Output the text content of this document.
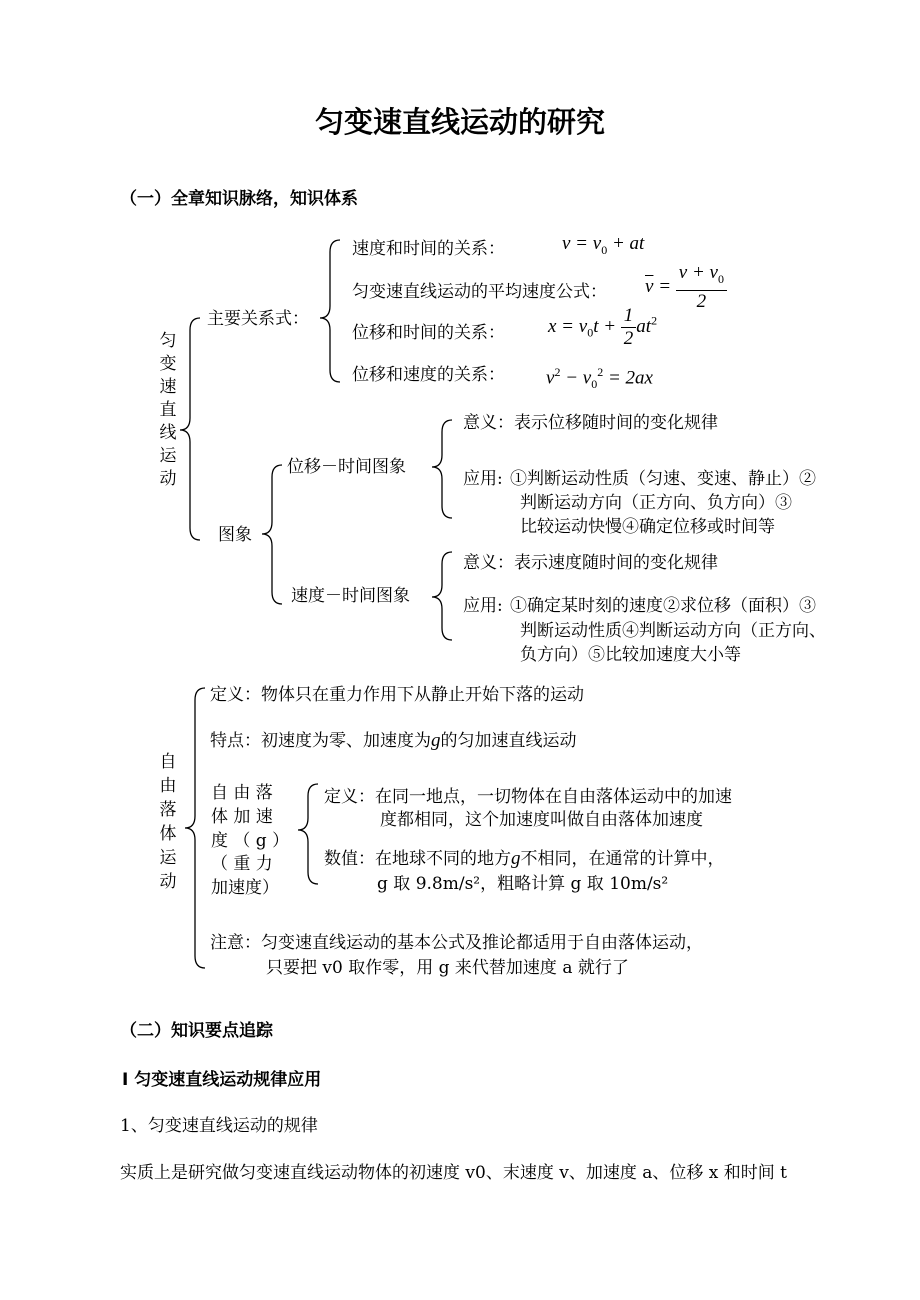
匀变速直线运动的研究
（一）全章知识脉络，知识体系
匀变速直线运动
主要关系式：
速度和时间的关系：	$v = v_0$ + at
匀变速直线运动的平均速度公式： $\overline{v} = \frac{v + v_0}{2}$
位移和时间的关系： $x = v_0t + \frac{1}{2} at^2$
位移和速度的关系： $v^2 - v_0^2 = 2ax$
图象
位移－时间图象
意义：表示位移随时间的变化规律
应用: ①判断运动性质（匀速、变速、静止）②
判断运动方向（正方向、负方向）③
比较运动快慢④确定位移或时间等
速度－时间图象
意义：表示速度随时间的变化规律
应用: ①确定某时刻的速度②求位移（面积）③
判断运动性质④判断运动方向（正方向、
负方向）⑤比较加速度大小等
自由落体运动
定义：物体只在重力作用下从静止开始下落的运动
特点：初速度为零、加速度为g的匀加速直线运动
自 由 落
体 加 速
度 （ g ）
（ 重 力
加速度）
定义：在同一地点，一切物体在自由落体运动中的加速
度都相同，这个加速度叫做自由落体加速度
数值：在地球不同的地方g不相同，在通常的计算中，
g 取 9.8m/s²，粗略计算 g 取 10m/s²
注意：匀变速直线运动的基本公式及推论都适用于自由落体运动，
只要把 v0 取作零，用 g 来代替加速度 a 就行了
（二）知识要点追踪
Ⅰ 匀变速直线运动规律应用
1、匀变速直线运动的规律
实质上是研究做匀变速直线运动物体的初速度 v0、末速度 v、加速度 a、位移 x 和时间 t
